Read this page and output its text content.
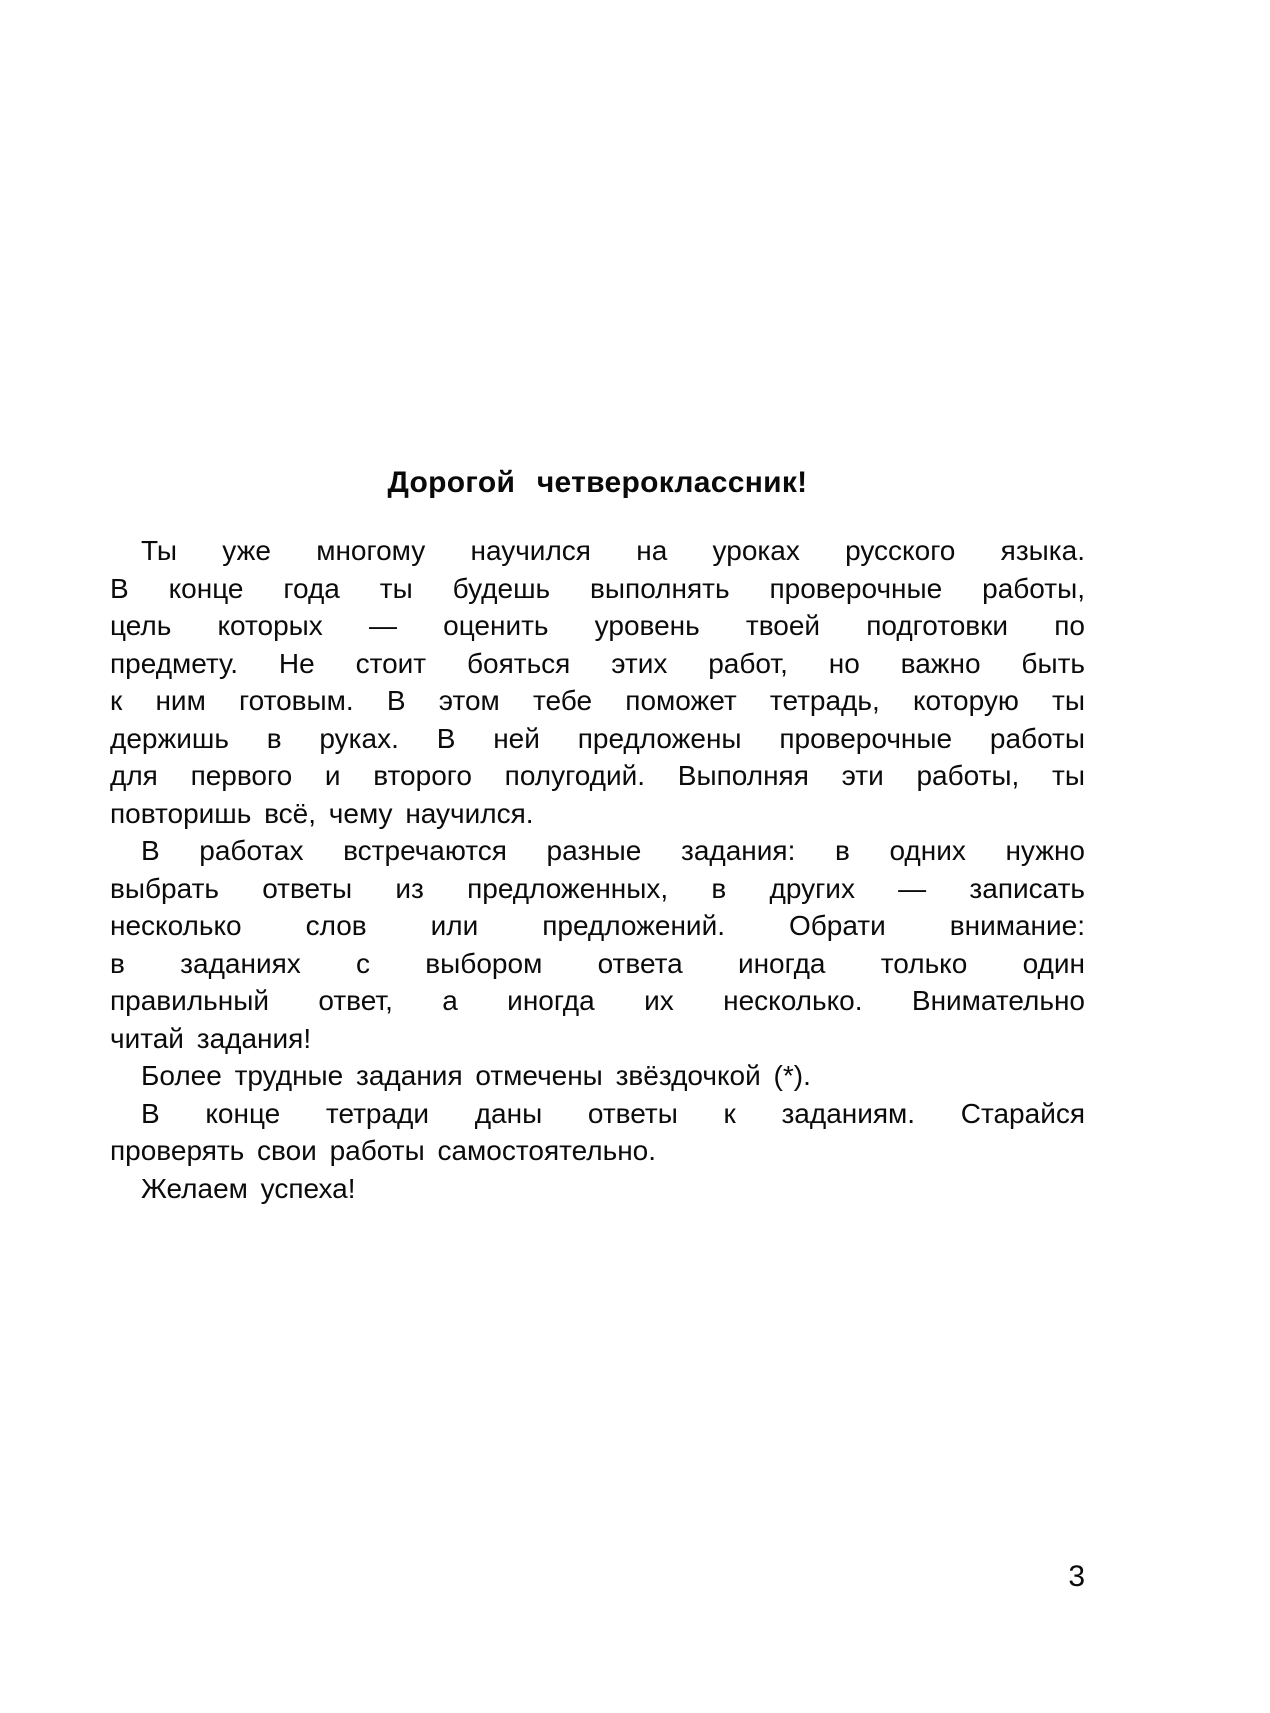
Дорогой четвероклассник!
Ты уже многому научился на уроках русского языка.
В конце года ты будешь выполнять проверочные работы,
цель которых — оценить уровень твоей подготовки по
предмету. Не стоит бояться этих работ, но важно быть
к ним готовым. В этом тебе поможет тетрадь, которую ты
держишь в руках. В ней предложены проверочные работы
для первого и второго полугодий. Выполняя эти работы, ты
повторишь всё, чему научился.
В работах встречаются разные задания: в одних нужно
выбрать ответы из предложенных, в других — записать
несколько слов или предложений. Обрати внимание:
в заданиях с выбором ответа иногда только один
правильный ответ, а иногда их несколько. Внимательно
читай задания!
Более трудные задания отмечены звёздочкой (*).
В конце тетради даны ответы к заданиям. Старайся
проверять свои работы самостоятельно.
Желаем успеха!
3
